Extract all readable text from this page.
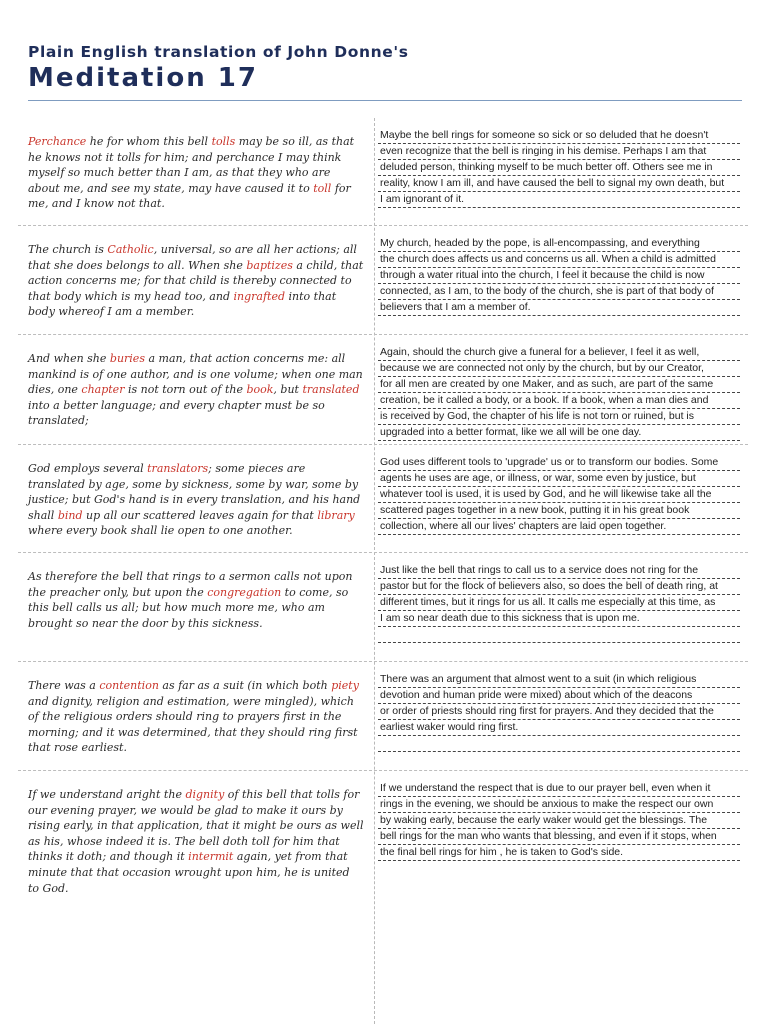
Plain English translation of John Donne's
Meditation 17
Perchance he for whom this bell tolls may be so ill, as that he knows not it tolls for him; and perchance I may think myself so much better than I am, as that they who are about me, and see my state, may have caused it to toll for me, and I know not that.
Maybe the bell rings for someone so sick or so deluded that he doesn't
even recognize that the bell is ringing in his demise. Perhaps I am that
deluded person, thinking myself to be much better off. Others see me in
reality, know I am ill, and have caused the bell to signal my own death, but
I am ignorant of it.
The church is Catholic, universal, so are all her actions; all that she does belongs to all. When she baptizes a child, that action concerns me; for that child is thereby connected to that body which is my head too, and ingrafted into that body whereof I am a member.
My church, headed by the pope, is all-encompassing, and everything
the church does affects us and concerns us all. When a child is admitted
through a water ritual into the church, I feel it because the child is now
connected, as I am, to the body of the church, she is part of that body of
believers that I am a member of.
And when she buries a man, that action concerns me: all mankind is of one author, and is one volume; when one man dies, one chapter is not torn out of the book, but translated into a better language; and every chapter must be so translated;
Again, should the church give a funeral for a believer, I feel it as well,
because we are connected not only by the church, but by our Creator,
for all men are created by one Maker, and as such, are part of the same
creation, be it called a body, or a book. If a book, when a man dies and
is received by God, the chapter of his life is not torn or ruined, but is
upgraded into a better format, like we all will be one day.
God employs several translators; some pieces are translated by age, some by sickness, some by war, some by justice; but God's hand is in every translation, and his hand shall bind up all our scattered leaves again for that library where every book shall lie open to one another.
God uses different tools to 'upgrade' us or to transform our bodies. Some
agents he uses are age, or illness, or war, some even by justice, but
whatever tool is used, it is used by God, and he will likewise take all the
scattered pages together in a new book, putting it in his great book
collection, where all our lives' chapters are laid open together.
As therefore the bell that rings to a sermon calls not upon the preacher only, but upon the congregation to come, so this bell calls us all; but how much more me, who am brought so near the door by this sickness.
Just like the bell that rings to call us to a service does not ring for the
pastor but for the flock of believers also, so does the bell of death ring, at
different times, but it rings for us all. It calls me especially at this time, as
I am so near death due to this sickness that is upon me.
There was a contention as far as a suit (in which both piety and dignity, religion and estimation, were mingled), which of the religious orders should ring to prayers first in the morning; and it was determined, that they should ring first that rose earliest.
There was an argument that almost went to a suit (in which religious
devotion and human pride were mixed) about which of the deacons
or order of priests should ring first for prayers. And they decided that the
earliest waker would ring first.
If we understand aright the dignity of this bell that tolls for our evening prayer, we would be glad to make it ours by rising early, in that application, that it might be ours as well as his, whose indeed it is. The bell doth toll for him that thinks it doth; and though it intermit again, yet from that minute that that occasion wrought upon him, he is united to God.
If we understand the respect that is due to our prayer bell, even when it
rings in the evening, we should be anxious to make the respect our own
by waking early, because the early waker would get the blessings. The
bell rings for the man who wants that blessing, and even if it stops, when
the final bell rings for him , he is taken to God's side.
